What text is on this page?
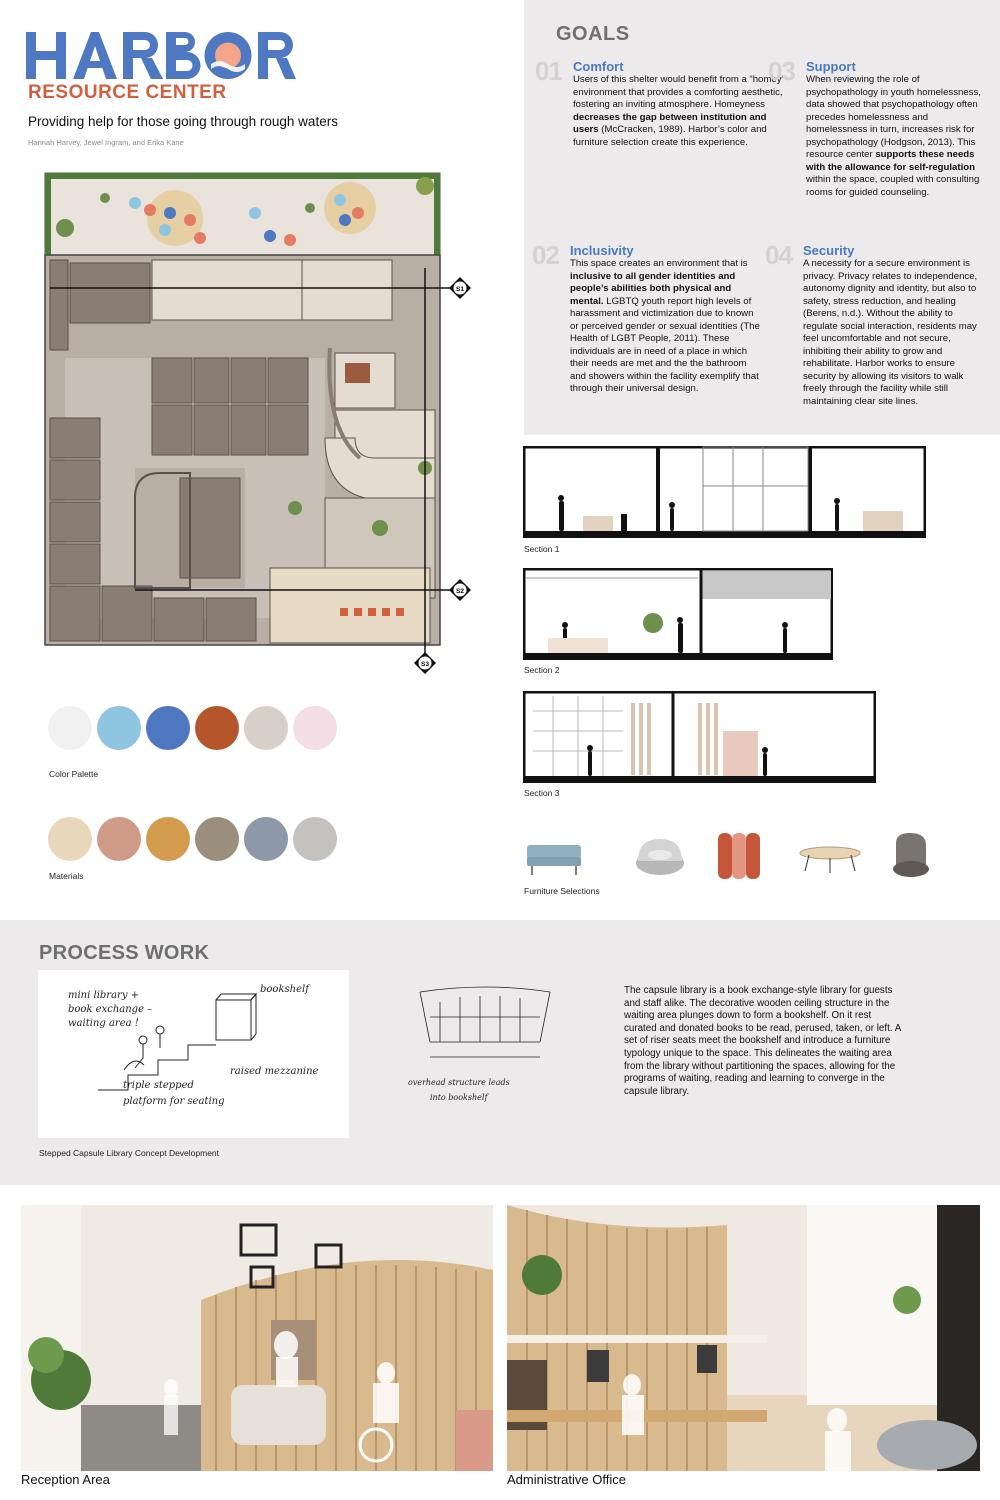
RESOURCE CENTER
Providing help for those going through rough waters
Hannah Harvey, Jewel Ingram, and Erika Kane
S1
S2
S3
Color Palette
Materials
GOALS
01 Comfort
Users of this shelter would benefit from a “homey” environment that provides a comforting aesthetic, fostering an inviting atmosphere. Homeyness decreases the gap between institution and users (McCracken, 1989). Harbor’s color and furniture selection create this experience.
02 Inclusivity
This space creates an environment that is inclusive to all gender identities and people’s abilities both physical and mental. LGBTQ youth report high levels of harassment and victimization due to known or perceived gender or sexual identities (The Health of LGBT People, 2011). These individuals are in need of a place in which their needs are met and the the bathroom and showers within the facility exemplify that through their universal design.
03 Support
When reviewing the role of psychopathology in youth homelessness, data showed that psychopathology often precedes homelessness and homelessness in turn, increases risk for psychopathology (Hodgson, 2013). This resource center supports these needs with the allowance for self-regulation within the space, coupled with consulting rooms for guided counseling.
04 Security
A necessity for a secure environment is privacy. Privacy relates to independence, autonomy dignity and identity, but also to safety, stress reduction, and healing (Berens, n.d.). Without the ability to regulate social interaction, residents may feel uncomfortable and not secure, inhibiting their ability to grow and rehabilitate. Harbor works to ensure security by allowing its visitors to walk freely through the facility while still maintaining clear site lines.
Section 1
Section 2
Section 3
Furniture Selections
PROCESS WORK
mini library +
book exchange –
waiting area !
bookshelf
raised mezzanine
triple stepped
platform for seating
overhead structure leads
into bookshelf
Stepped Capsule Library Concept Development
The capsule library is a book exchange-style library for guests and staff alike. The decorative wooden ceiling structure in the waiting area plunges down to form a bookshelf. On it rest curated and donated books to be read, perused, taken, or left. A set of riser seats meet the bookshelf and introduce a furniture typology unique to the space. This delineates the waiting area from the library without partitioning the spaces, allowing for the programs of waiting, reading and learning to converge in the capsule library.
Reception Area	Administrative Office
